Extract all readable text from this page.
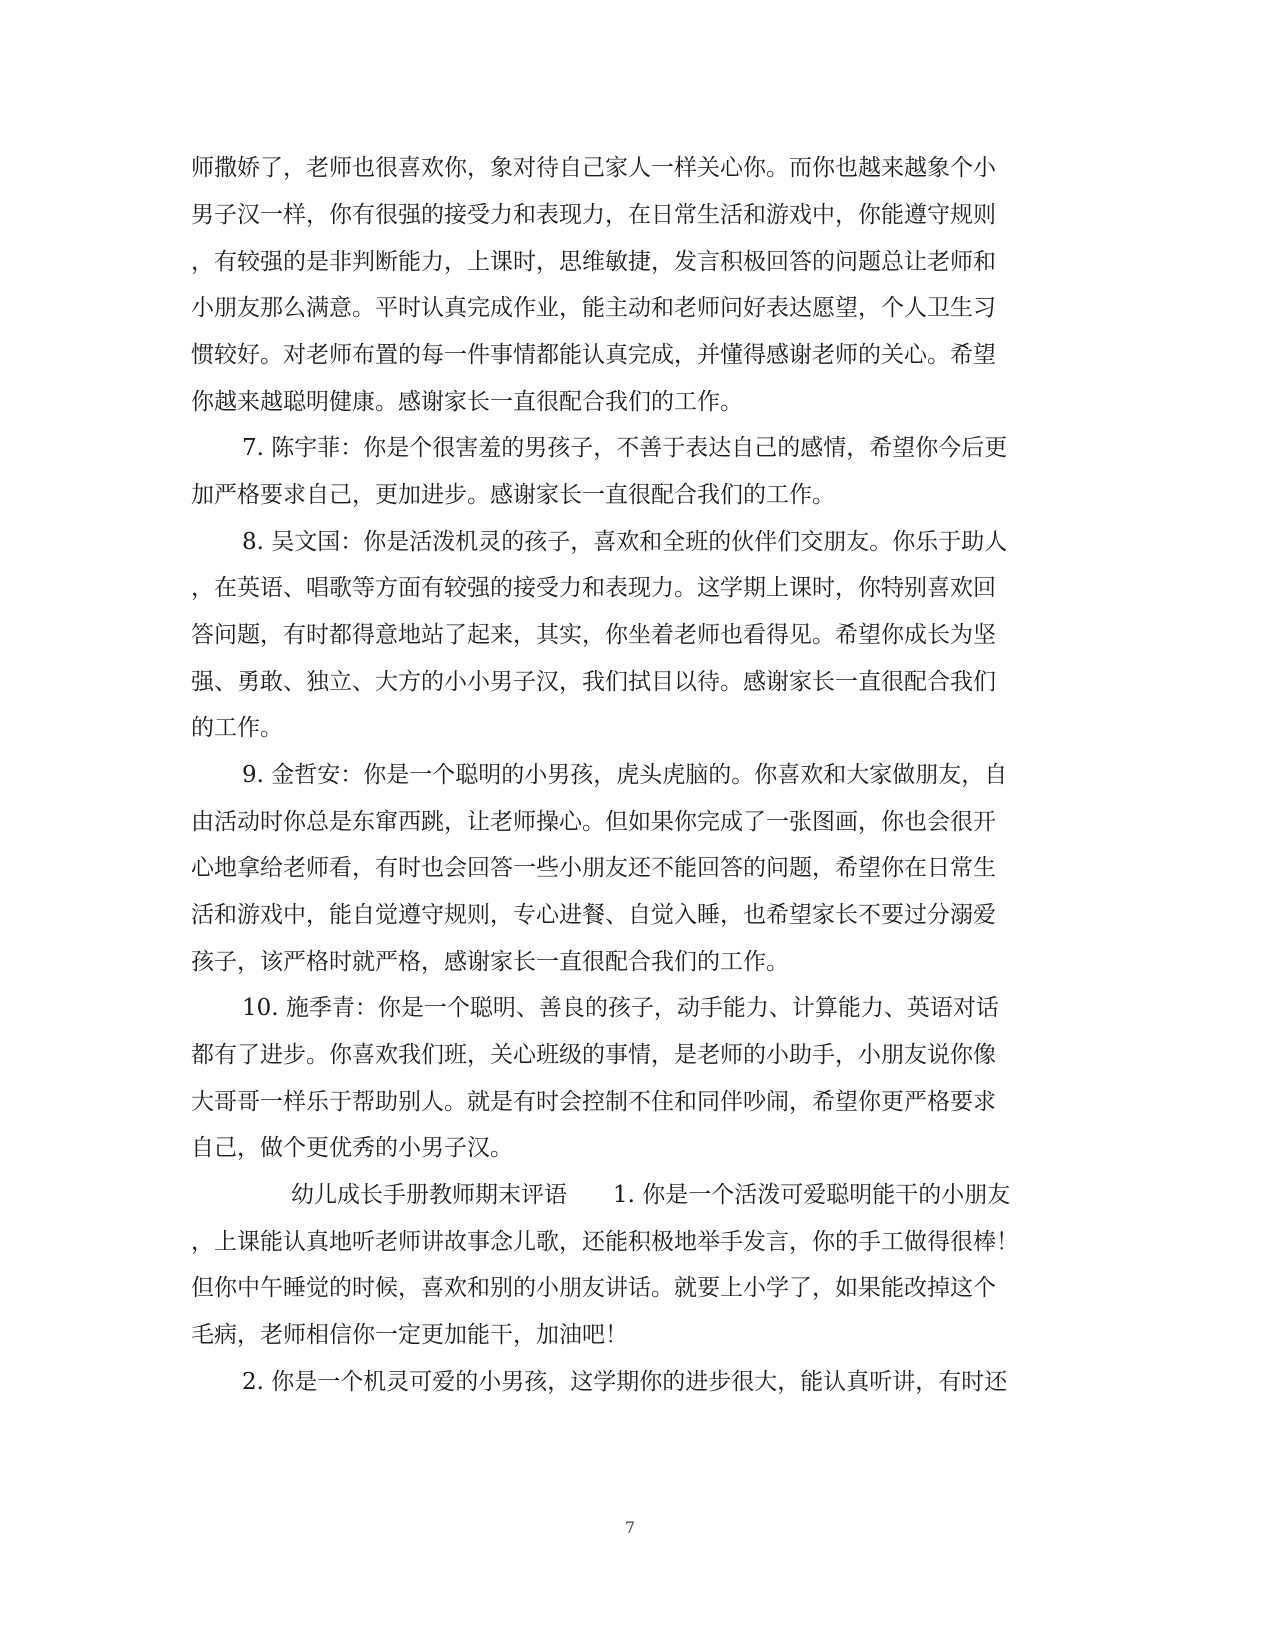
师撒娇了，老师也很喜欢你，象对待自己家人一样关心你。而你也越来越象个小
男子汉一样，你有很强的接受力和表现力，在日常生活和游戏中，你能遵守规则
，有较强的是非判断能力，上课时，思维敏捷，发言积极回答的问题总让老师和
小朋友那么满意。平时认真完成作业，能主动和老师问好表达愿望，个人卫生习
惯较好。对老师布置的每一件事情都能认真完成，并懂得感谢老师的关心。希望
你越来越聪明健康。感谢家长一直很配合我们的工作。
7. 陈宇菲：你是个很害羞的男孩子，不善于表达自己的感情，希望你今后更
加严格要求自己，更加进步。感谢家长一直很配合我们的工作。
8. 吴文国：你是活泼机灵的孩子，喜欢和全班的伙伴们交朋友。你乐于助人
，在英语、唱歌等方面有较强的接受力和表现力。这学期上课时，你特别喜欢回
答问题，有时都得意地站了起来，其实，你坐着老师也看得见。希望你成长为坚
强、勇敢、独立、大方的小小男子汉，我们拭目以待。感谢家长一直很配合我们
的工作。
9. 金哲安：你是一个聪明的小男孩，虎头虎脑的。你喜欢和大家做朋友，自
由活动时你总是东窜西跳，让老师操心。但如果你完成了一张图画，你也会很开
心地拿给老师看，有时也会回答一些小朋友还不能回答的问题，希望你在日常生
活和游戏中，能自觉遵守规则，专心进餐、自觉入睡，也希望家长不要过分溺爱
孩子，该严格时就严格，感谢家长一直很配合我们的工作。
10. 施季青：你是一个聪明、善良的孩子，动手能力、计算能力、英语对话
都有了进步。你喜欢我们班，关心班级的事情，是老师的小助手，小朋友说你像
大哥哥一样乐于帮助别人。就是有时会控制不住和同伴吵闹，希望你更严格要求
自己，做个更优秀的小男子汉。
幼儿成长手册教师期末评语　　1. 你是一个活泼可爱聪明能干的小朋友
，上课能认真地听老师讲故事念儿歌，还能积极地举手发言，你的手工做得很棒！
但你中午睡觉的时候，喜欢和别的小朋友讲话。就要上小学了，如果能改掉这个
毛病，老师相信你一定更加能干，加油吧！
2. 你是一个机灵可爱的小男孩，这学期你的进步很大，能认真听讲，有时还
7
